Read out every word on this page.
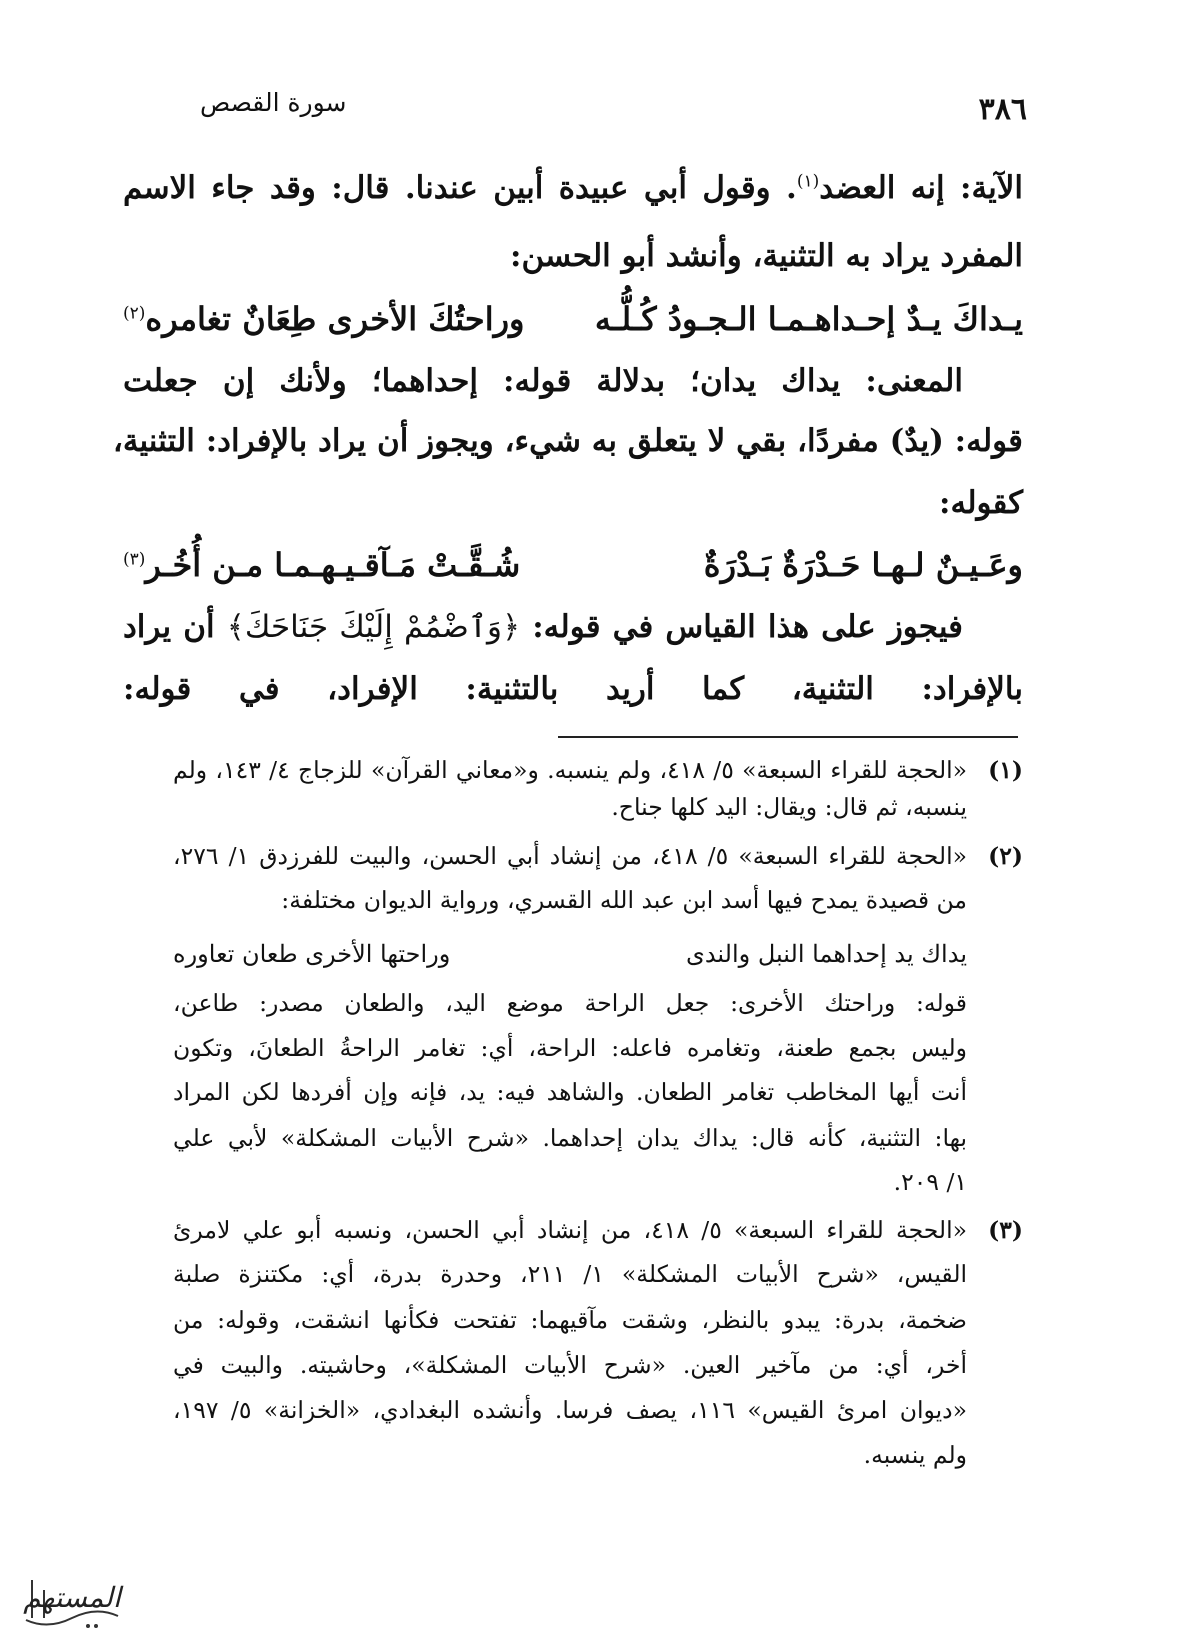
سورة القصص	٣٨٦
الآية: إنه العضد$^{(١)}$. وقول أبي عبيدة أبين عندنا. قال: وقد جاء الاسم
المفرد يراد به التثنية، وأنشد أبو الحسن:
يـداكَ يـدٌ إحـداهـمـا الـجـودُ كُـلُّـه
وراحتُكَ الأخرى طِعَانٌ تغامره$^{(٢)}$
المعنى: يداك يدان؛ بدلالة قوله: إحداهما؛ ولأنك إن جعلت
قوله: (يدٌ) مفردًا، بقي لا يتعلق به شيء، ويجوز أن يراد بالإفراد: التثنية،
كقوله:
وعَـيـنٌ لـهـا حَـدْرَةٌ بَـدْرَةٌ
شُـقَّـتْ مَـآقـيـهـمـا مـن أُخُـر$^{(٣)}$
فيجوز على هذا القياس في قوله: ﴿وَٱضْمُمْ إِلَيْكَ جَنَاحَكَ﴾ أن يراد
بالإفراد: التثنية، كما أريد بالتثنية: الإفراد، في قوله:
(١)
«الحجة للقراء السبعة» ٥/ ٤١٨، ولم ينسبه. و«معاني القرآن» للزجاج ٤/ ١٤٣، ولم
ينسبه، ثم قال: ويقال: اليد كلها جناح.
(٢)
«الحجة للقراء السبعة» ٥/ ٤١٨، من إنشاد أبي الحسن، والبيت للفرزدق ١/ ٢٧٦،
من قصيدة يمدح فيها أسد ابن عبد الله القسري، ورواية الديوان مختلفة:
يداك يد إحداهما النبل والندى
وراحتها الأخرى طعان تعاوره
قوله: وراحتك الأخرى: جعل الراحة موضع اليد، والطعان مصدر: طاعن،
وليس بجمع طعنة، وتغامره فاعله: الراحة، أي: تغامر الراحةُ الطعانَ، وتكون
أنت أيها المخاطب تغامر الطعان. والشاهد فيه: يد، فإنه وإن أفردها لكن المراد
بها: التثنية، كأنه قال: يداك يدان إحداهما. «شرح الأبيات المشكلة» لأبي علي
١/ ٢٠٩.
(٣)
«الحجة للقراء السبعة» ٥/ ٤١٨، من إنشاد أبي الحسن، ونسبه أبو علي لامرئ
القيس، «شرح الأبيات المشكلة» ١/ ٢١١، وحدرة بدرة، أي: مكتنزة صلبة
ضخمة، بدرة: يبدو بالنظر، وشقت مآقيهما: تفتحت فكأنها انشقت، وقوله: من
أخر، أي: من مآخير العين. «شرح الأبيات المشكلة»، وحاشيته. والبيت في
«ديوان امرئ القيس» ١١٦، يصف فرسا. وأنشده البغدادي، «الخزانة» ٥/ ١٩٧،
ولم ينسبه.
المستهم
